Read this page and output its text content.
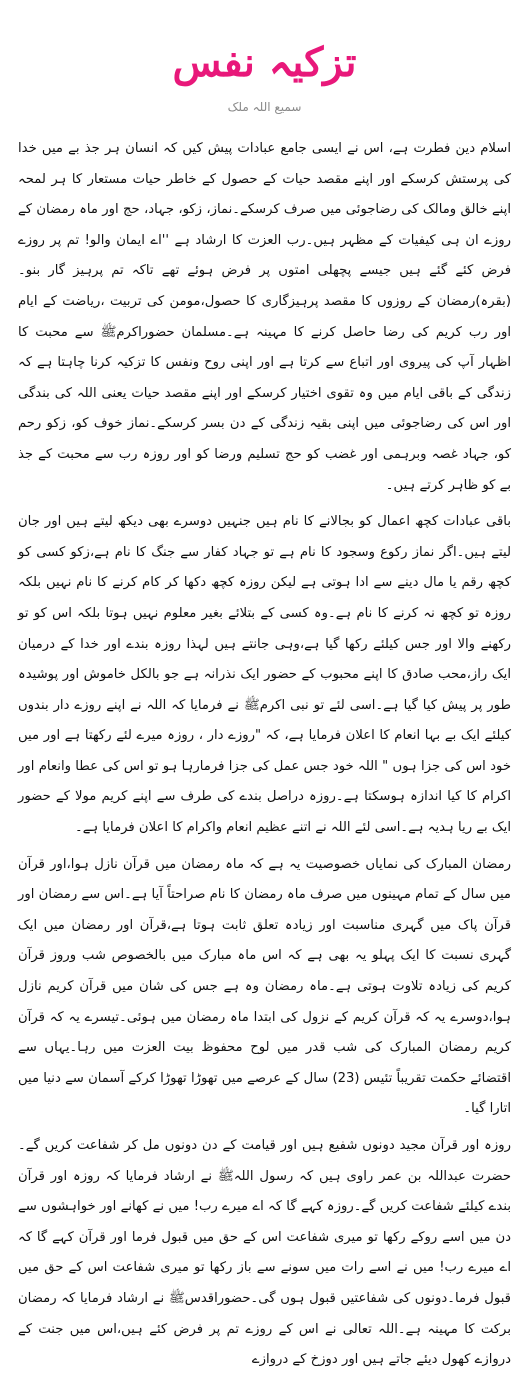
تزکیہ نفس
سمیع اللہ ملک

اسلام دین فطرت ہے، اس نے ایسی جامع عبادات پیش کیں کہ انسان ہر جذ بے میں خدا کی پرستش کرسکے اور اپنے مقصد حیات کے حصول کے خاطر حیات مستعار کا ہر لمحہ اپنے خالق ومالک کی رضاجوئی میں صرف کرسکے۔نماز، زکو، جہاد، حج اور ماہ رمضان کے روزے ان ہی کیفیات کے مظہر ہیں۔رب العزت کا ارشاد ہے ''اے ایمان والو! تم پر روزے فرض کئے گئے ہیں جیسے پچھلی امتوں پر فرض ہوئے تھے تاکہ تم پرہیز گار بنو۔(بقرہ)رمضان کے روزوں کا مقصد پرہیزگاری کا حصول،مومن کی تربیت ،ریاضت کے ایام اور رب کریم کی رضا حاصل کرنے کا مہینہ ہے۔مسلمان حضوراکرمﷺ سے محبت کا اظہار آپ کی پیروی اور اتباع سے کرتا ہے اور اپنی روح ونفس کا تزکیہ کرنا چاہتا ہے کہ زندگی کے باقی ایام میں وہ تقوی اختیار کرسکے اور اپنے مقصد حیات یعنی اللہ کی بندگی اور اس کی رضاجوئی میں اپنی بقیہ زندگی کے دن بسر کرسکے۔نماز خوف کو، زکو رحم کو، جہاد غصہ وبرہمی اور غضب کو حج تسلیم ورضا کو اور روزہ رب سے محبت کے جذ بے کو ظاہر کرتے ہیں۔

باقی عبادات کچھ اعمال کو بجالانے کا نام ہیں جنہیں دوسرے بھی دیکھ لیتے ہیں اور جان لیتے ہیں۔اگر نماز رکوع وسجود کا نام ہے تو جہاد کفار سے جنگ کا نام ہے،زکو کسی کو کچھ رقم یا مال دینے سے ادا ہوتی ہے لیکن روزہ کچھ دکھا کر کام کرنے کا نام نہیں بلکہ روزہ تو کچھ نہ کرنے کا نام ہے۔وہ کسی کے بتلائے بغیر معلوم نہیں ہوتا بلکہ اس کو تو رکھنے والا اور جس کیلئے رکھا گیا ہے،وہی جانتے ہیں لہذا روزہ بندے اور خدا کے درمیان ایک راز،محب صادق کا اپنے محبوب کے حضور ایک نذرانہ ہے جو بالکل خاموش اور پوشیدہ طور پر پیش کیا گیا ہے۔اسی لئے تو نبی اکرمﷺ نے فرمایا کہ اللہ نے اپنے روزے دار بندوں کیلئے ایک بے بہا انعام کا اعلان فرمایا ہے، کہ "روزے دار ، روزہ میرے لئے رکھتا ہے اور میں خود اس کی جزا ہوں " اللہ خود جس عمل کی جزا فرمارہا ہو تو اس کی عطا وانعام اور اکرام کا کیا اندازہ ہوسکتا ہے۔روزہ دراصل بندے کی طرف سے اپنے کریم مولا کے حضور ایک بے ریا ہدیہ ہے۔اسی لئے اللہ نے اتنے عظیم انعام واکرام کا اعلان فرمایا ہے۔

رمضان المبارک کی نمایاں خصوصیت یہ ہے کہ ماہ رمضان میں قرآن نازل ہوا،اور قرآن میں سال کے تمام مہینوں میں صرف ماہ رمضان کا نام صراحتاً آیا ہے۔اس سے رمضان اور قرآن پاک میں گہری مناسبت اور زیادہ تعلق ثابت ہوتا ہے،قرآن اور رمضان میں ایک گہری نسبت کا ایک پہلو یہ بھی ہے کہ اس ماہ مبارک میں بالخصوص شب وروز قرآن کریم کی زیادہ تلاوت ہوتی ہے۔ماہ رمضان وہ ہے جس کی شان میں قرآن کریم نازل ہوا،دوسرے یہ کہ قرآن کریم کے نزول کی ابتدا ماہ رمضان میں ہوئی۔تیسرے یہ کہ قرآن کریم رمضان المبارک کی شب قدر میں لوح محفوظ بیت العزت میں رہا۔یہاں سے اقتضائے حکمت تقریباً تئیس (23) سال کے عرصے میں تھوڑا تھوڑا کرکے آسمان سے دنیا میں اتارا گیا۔

روزہ اور قرآن مجید دونوں شفیع ہیں اور قیامت کے دن دونوں مل کر شفاعت کریں گے۔حضرت عبداللہ بن عمر راوی ہیں کہ رسول اللہﷺ نے ارشاد فرمایا کہ روزہ اور قرآن بندے کیلئے شفاعت کریں گے۔روزہ کہے گا کہ اے میرے رب! میں نے کھانے اور خواہشوں سے دن میں اسے روکے رکھا تو میری شفاعت اس کے حق میں قبول فرما اور قرآن کہے گا کہ اے میرے رب! میں نے اسے رات میں سونے سے باز رکھا تو میری شفاعت اس کے حق میں قبول فرما۔دونوں کی شفاعتیں قبول ہوں گی۔حضوراقدسﷺ نے ارشاد فرمایا کہ رمضان برکت کا مہینہ ہے۔اللہ تعالی نے اس کے روزے تم پر فرض کئے ہیں،اس میں جنت کے دروازے کھول دیئے جاتے ہیں اور دوزخ کے دروازے
